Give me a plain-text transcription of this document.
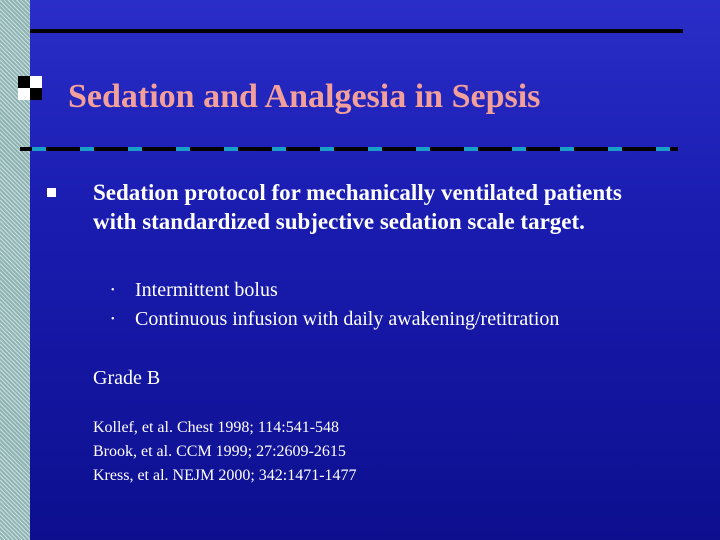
Sedation and Analgesia in Sepsis
Sedation protocol for mechanically ventilated patients with standardized subjective sedation scale target.
• Intermittent bolus
• Continuous infusion with daily awakening/retitration
Grade B
Kollef, et al. Chest 1998; 114:541-548
Brook, et al. CCM 1999; 27:2609-2615
Kress, et al. NEJM 2000; 342:1471-1477
